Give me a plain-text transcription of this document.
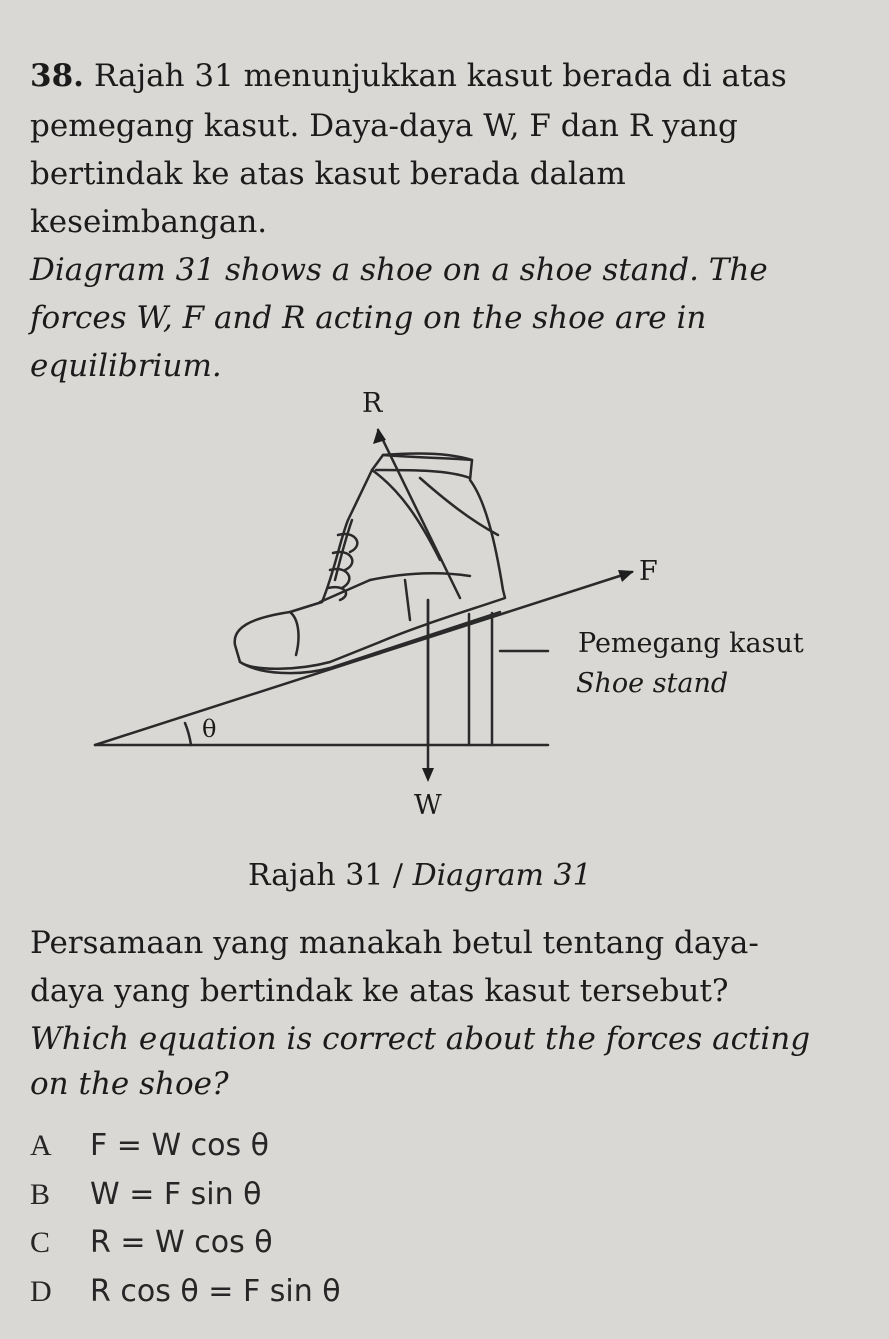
38. Rajah 31 menunjukkan kasut berada di atas
pemegang kasut. Daya-daya W, F dan R yang
bertindak ke atas kasut berada dalam
keseimbangan.
Diagram 31 shows a shoe on a shoe stand. The
forces W, F and R acting on the shoe are in
equilibrium.
R
F
W
θ
Pemegang kasut
Shoe stand
Rajah 31 / Diagram 31
Persamaan yang manakah betul tentang daya-
daya yang bertindak ke atas kasut tersebut?
Which equation is correct about the forces acting
on the shoe?
A F = W cos θ
B W = F sin θ
C R = W cos θ
D R cos θ = F sin θ
